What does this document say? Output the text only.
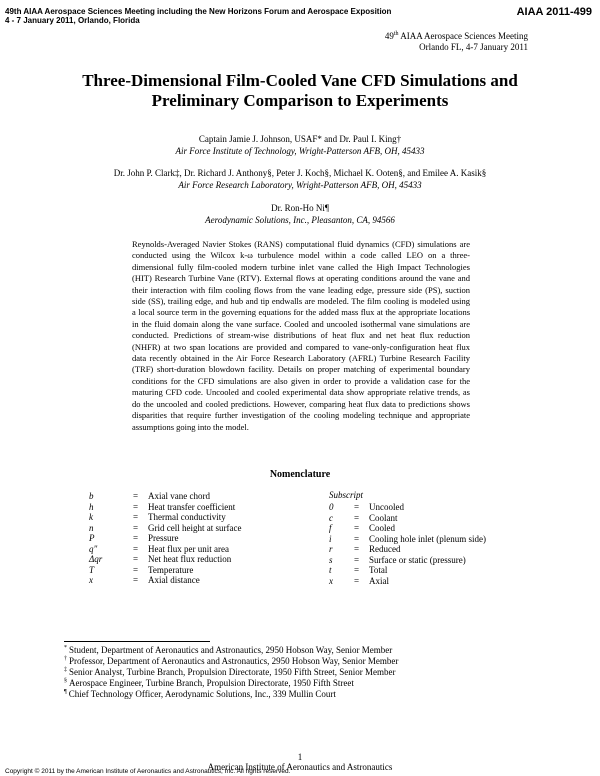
49th AIAA Aerospace Sciences Meeting including the New Horizons Forum and Aerospace Exposition
4 - 7 January 2011, Orlando, Florida
AIAA 2011-499
49th AIAA Aerospace Sciences Meeting
Orlando FL, 4-7 January 2011
Three-Dimensional Film-Cooled Vane CFD Simulations and
Preliminary Comparison to Experiments
Captain Jamie J. Johnson, USAF* and Dr. Paul I. King†
Air Force Institute of Technology, Wright-Patterson AFB, OH, 45433
Dr. John P. Clark‡, Dr. Richard J. Anthony§, Peter J. Koch§, Michael K. Ooten§, and Emilee A. Kasik§
Air Force Research Laboratory, Wright-Patterson AFB, OH, 45433
Dr. Ron-Ho Ni¶
Aerodynamic Solutions, Inc., Pleasanton, CA, 94566
Reynolds-Averaged Navier Stokes (RANS) computational fluid dynamics (CFD) simulations are
conducted using the Wilcox k-ω turbulence model within a code called LEO on a three-
dimensional fully film-cooled modern turbine inlet vane called the High Impact Technologies
(HIT) Research Turbine Vane (RTV). External flows at operating conditions around the vane and
their interaction with film cooling flows from the vane leading edge, pressure side (PS), suction
side (SS), trailing edge, and hub and tip endwalls are modeled. The film cooling is modeled using
a local source term in the governing equations for the added mass flux at the appropriate locations
in the fluid domain along the vane surface. Cooled and uncooled isothermal vane simulations are
conducted. Predictions of stream-wise distributions of heat flux and net heat flux reduction
(NHFR) at two span locations are provided and compared to vane-only-configuration heat flux
data recently obtained in the Air Force Research Laboratory (AFRL) Turbine Research Facility
(TRF) short-duration blowdown facility. Details on proper matching of experimental boundary
conditions for the CFD simulations are also given in order to provide a validation case for the
maturing CFD code. Uncooled and cooled experimental data show appropriate relative trends, as
do the uncooled and cooled predictions. However, comparing heat flux data to predictions shows
disparities that require further investigation of the cooling modeling technique and appropriate
assumptions going into the model.
Nomenclature
Subscript
b	= Axial vane chord
h	= Heat transfer coefficient
k	= Thermal conductivity
n	= Grid cell height at surface
P	= Pressure
q"	= Heat flux per unit area
Δqr	= Net heat flux reduction
T	= Temperature
x	= Axial distance
0 = Uncooled
c = Coolant
f = Cooled
i = Cooling hole inlet (plenum side)
r = Reduced
s = Surface or static (pressure)
t = Total
x = Axial
* Student, Department of Aeronautics and Astronautics, 2950 Hobson Way, Senior Member
† Professor, Department of Aeronautics and Astronautics, 2950 Hobson Way, Senior Member
‡ Senior Analyst, Turbine Branch, Propulsion Directorate, 1950 Fifth Street, Senior Member
§ Aerospace Engineer, Turbine Branch, Propulsion Directorate, 1950 Fifth Street
¶ Chief Technology Officer, Aerodynamic Solutions, Inc., 339 Mullin Court
1
American Institute of Aeronautics and Astronautics
Copyright © 2011 by the American Institute of Aeronautics and Astronautics, Inc. All rights reserved.
